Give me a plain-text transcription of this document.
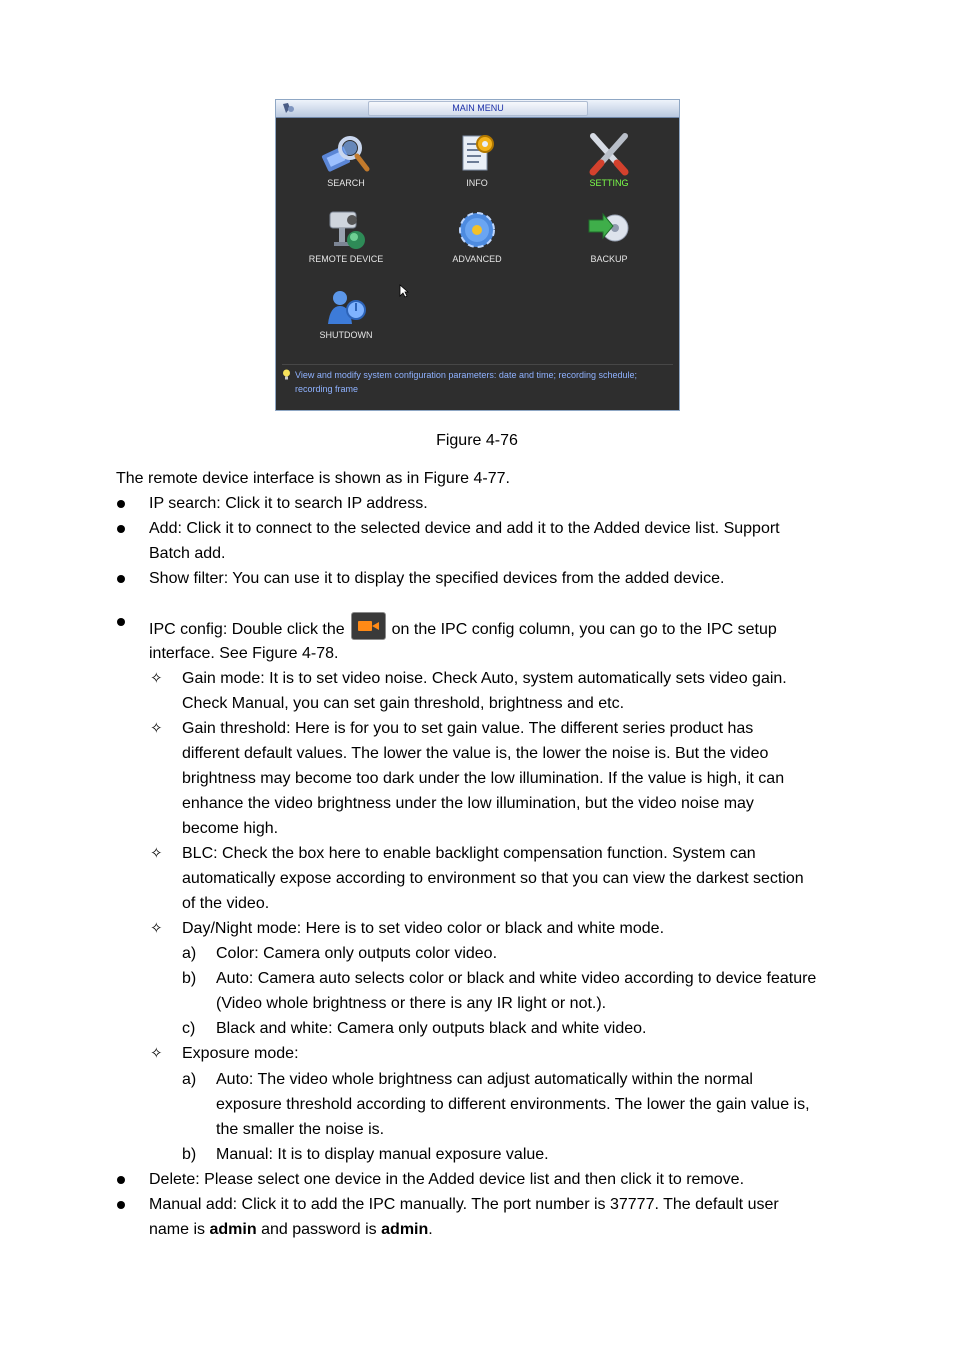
MAIN MENU
SEARCH	INFO	SETTING
REMOTE DEVICE	ADVANCED	BACKUP
SHUTDOWN
View and modify system configuration parameters: date and time; recording schedule;
recording frame
Figure 4-76
The remote device interface is shown as in Figure 4-77.
IP search: Click it to search IP address.
Add: Click it to connect to the selected device and add it to the Added device list. Support
Batch add.
Show filter: You can use it to display the specified devices from the added device.
IPC config: Double click the	on the IPC config column, you can go to the IPC setup
interface. See Figure 4-78.
✧ Gain mode: It is to set video noise. Check Auto, system automatically sets video gain.
Check Manual, you can set gain threshold, brightness and etc.
✧ Gain threshold: Here is for you to set gain value. The different series product has
different default values. The lower the value is, the lower the noise is. But the video
brightness may become too dark under the low illumination. If the value is high, it can
enhance the video brightness under the low illumination, but the video noise may
become high.
✧ BLC: Check the box here to enable backlight compensation function. System can
automatically expose according to environment so that you can view the darkest section
of the video.
✧ Day/Night mode: Here is to set video color or black and white mode.
a) Color: Camera only outputs color video.
b) Auto: Camera auto selects color or black and white video according to device feature
(Video whole brightness or there is any IR light or not.).
c) Black and white: Camera only outputs black and white video.
✧ Exposure mode:
a) Auto: The video whole brightness can adjust automatically within the normal
exposure threshold according to different environments. The lower the gain value is,
the smaller the noise is.
b) Manual: It is to display manual exposure value.
Delete: Please select one device in the Added device list and then click it to remove.
Manual add: Click it to add the IPC manually. The port number is 37777. The default user
name is admin and password is admin.
